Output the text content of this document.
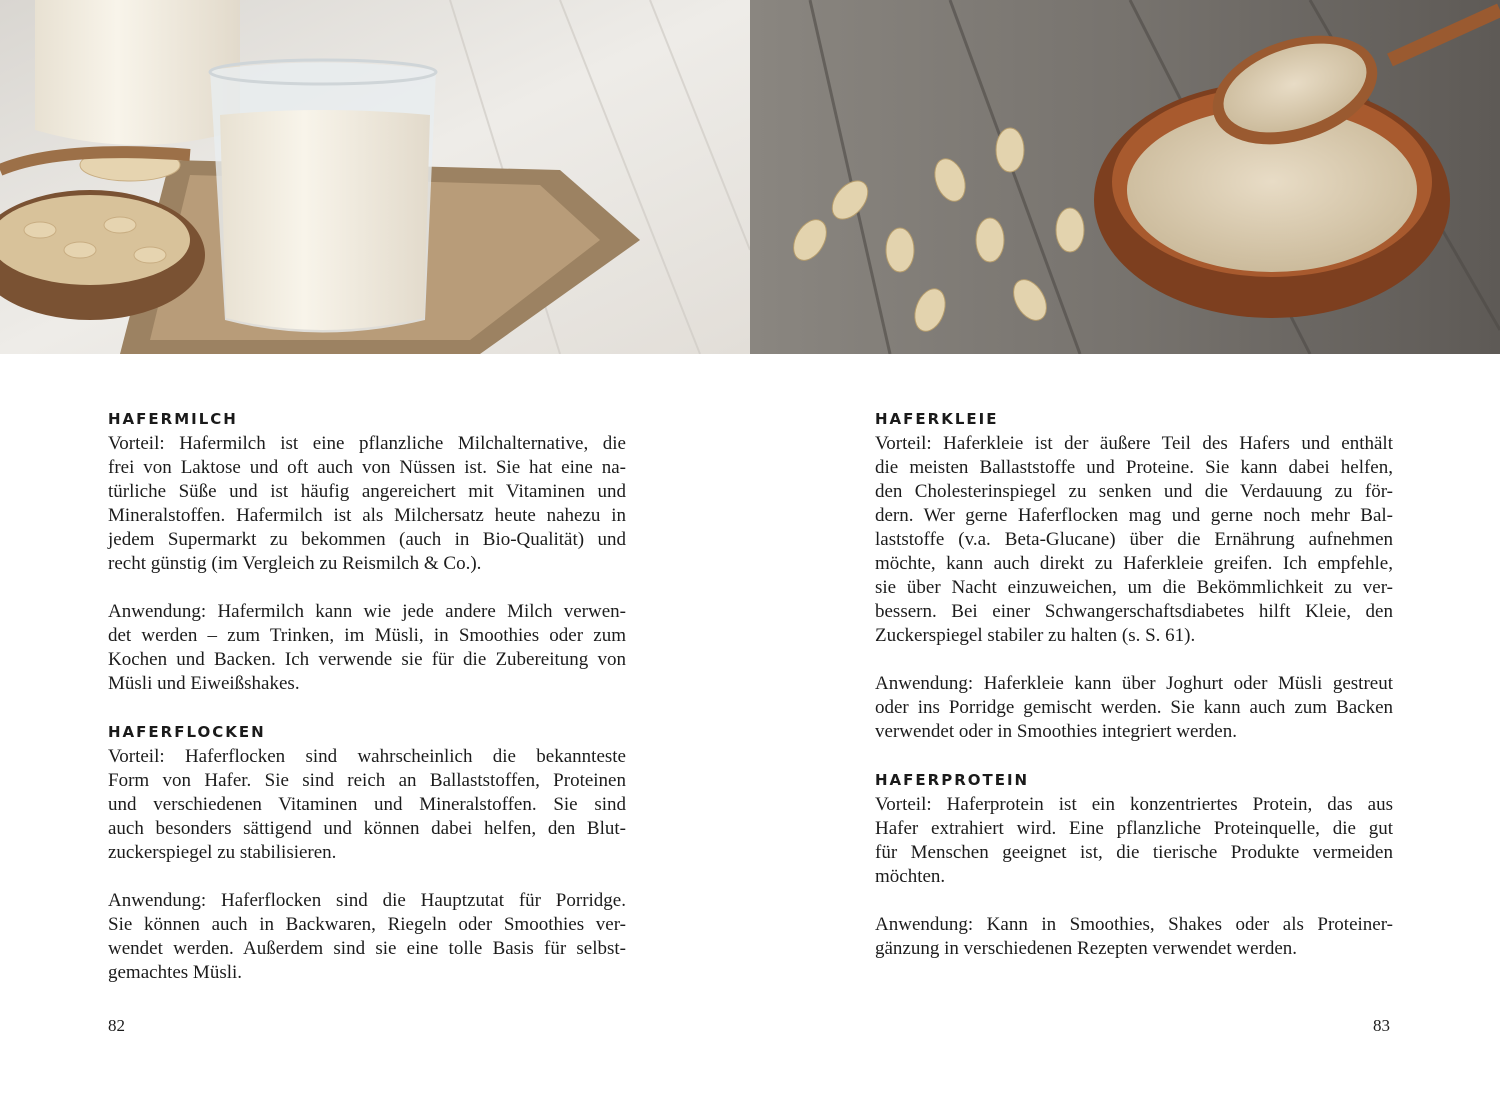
HAFERMILCH
Vorteil: Hafermilch ist eine pflanzliche Milchalternative, die
frei von Laktose und oft auch von Nüssen ist. Sie hat eine na-
türliche Süße und ist häufig angereichert mit Vitaminen und
Mineralstoffen. Hafermilch ist als Milchersatz heute nahezu in
jedem Supermarkt zu bekommen (auch in Bio-Qualität) und
recht günstig (im Vergleich zu Reismilch & Co.).
Anwendung: Hafermilch kann wie jede andere Milch verwen-
det werden – zum Trinken, im Müsli, in Smoothies oder zum
Kochen und Backen. Ich verwende sie für die Zubereitung von
Müsli und Eiweißshakes.
HAFERFLOCKEN
Vorteil: Haferflocken sind wahrscheinlich die bekannteste
Form von Hafer. Sie sind reich an Ballaststoffen, Proteinen
und verschiedenen Vitaminen und Mineralstoffen. Sie sind
auch besonders sättigend und können dabei helfen, den Blut-
zuckerspiegel zu stabilisieren.
Anwendung: Haferflocken sind die Hauptzutat für Porridge.
Sie können auch in Backwaren, Riegeln oder Smoothies ver-
wendet werden. Außerdem sind sie eine tolle Basis für selbst-
gemachtes Müsli.
HAFERKLEIE
Vorteil: Haferkleie ist der äußere Teil des Hafers und enthält
die meisten Ballaststoffe und Proteine. Sie kann dabei helfen,
den Cholesterinspiegel zu senken und die Verdauung zu för-
dern. Wer gerne Haferflocken mag und gerne noch mehr Bal-
laststoffe (v.a. Beta-Glucane) über die Ernährung aufnehmen
möchte, kann auch direkt zu Haferkleie greifen. Ich empfehle,
sie über Nacht einzuweichen, um die Bekömmlichkeit zu ver-
bessern. Bei einer Schwangerschaftsdiabetes hilft Kleie, den
Zuckerspiegel stabiler zu halten (s. S. 61).
Anwendung: Haferkleie kann über Joghurt oder Müsli gestreut
oder ins Porridge gemischt werden. Sie kann auch zum Backen
verwendet oder in Smoothies integriert werden.
HAFERPROTEIN
Vorteil: Haferprotein ist ein konzentriertes Protein, das aus
Hafer extrahiert wird. Eine pflanzliche Proteinquelle, die gut
für Menschen geeignet ist, die tierische Produkte vermeiden
möchten.
Anwendung: Kann in Smoothies, Shakes oder als Proteiner-
gänzung in verschiedenen Rezepten verwendet werden.
82	83
